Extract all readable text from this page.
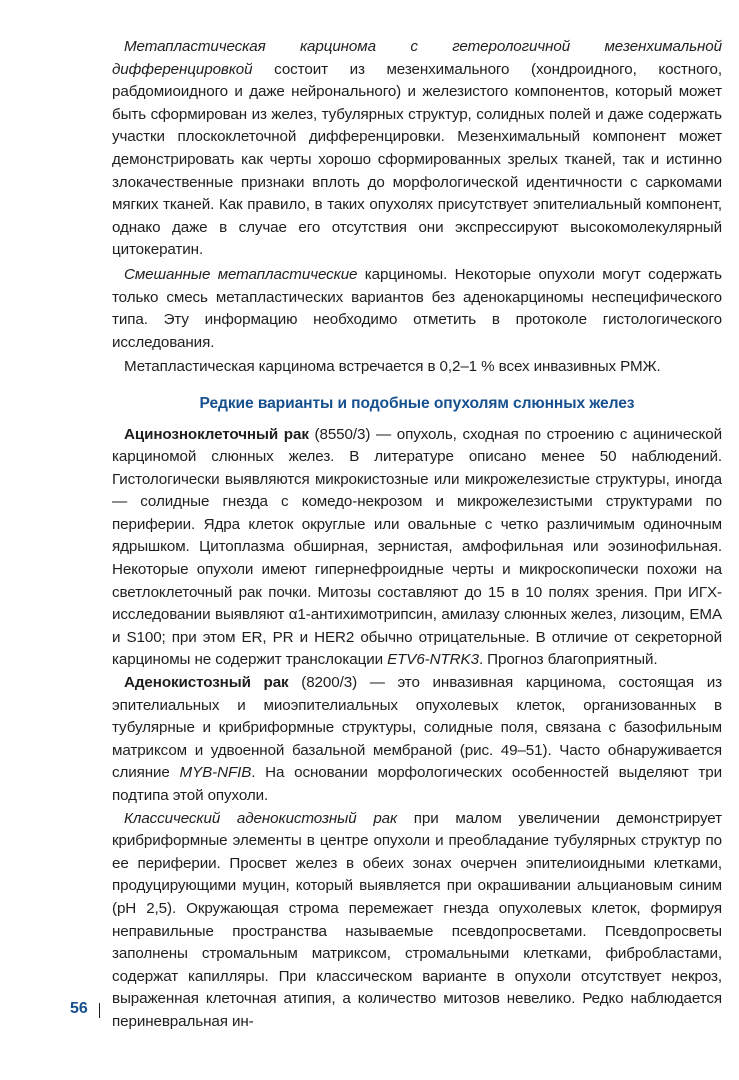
Метапластическая карцинома с гетерологичной мезенхимальной дифференцировкой состоит из мезенхимального (хондроидного, костного, рабдомиоидного и даже нейронального) и железистого компонентов, который может быть сформирован из желез, тубулярных структур, солидных полей и даже содержать участки плоскоклеточной дифференцировки. Мезенхимальный компонент может демонстрировать как черты хорошо сформированных зрелых тканей, так и истинно злокачественные признаки вплоть до морфологической идентичности с саркомами мягких тканей. Как правило, в таких опухолях присутствует эпителиальный компонент, однако даже в случае его отсутствия они экспрессируют высокомолекулярный цитокератин.

Смешанные метапластические карциномы. Некоторые опухоли могут содержать только смесь метапластических вариантов без аденокарциномы неспецифического типа. Эту информацию необходимо отметить в протоколе гистологического исследования.

Метапластическая карцинома встречается в 0,2–1 % всех инвазивных РМЖ.

Редкие варианты и подобные опухолям слюнных желез

Ацинозноклеточный рак (8550/3) — опухоль, сходная по строению с ацинической карциномой слюнных желез. В литературе описано менее 50 наблюдений. Гистологически выявляются микрокистозные или микрожелезистые структуры, иногда — солидные гнезда с комедо-некрозом и микрожелезистыми структурами по периферии. Ядра клеток округлые или овальные с четко различимым одиночным ядрышком. Цитоплазма обширная, зернистая, амфофильная или эозинофильная. Некоторые опухоли имеют гипернефроидные черты и микроскопически похожи на светлоклеточный рак почки. Митозы составляют до 15 в 10 полях зрения. При ИГХ-исследовании выявляют α1-антихимотрипсин, амилазу слюнных желез, лизоцим, ЕМА и S100; при этом ER, PR и HER2 обычно отрицательные. В отличие от секреторной карциномы не содержит транслокации ETV6-NTRK3. Прогноз благоприятный.

Аденокистозный рак (8200/3) — это инвазивная карцинома, состоящая из эпителиальных и миоэпителиальных опухолевых клеток, организованных в тубулярные и крибриформные структуры, солидные поля, связана с базофильным матриксом и удвоенной базальной мембраной (рис. 49–51). Часто обнаруживается слияние MYB-NFIB. На основании морфологических особенностей выделяют три подтипа этой опухоли.

Классический аденокистозный рак при малом увеличении демонстрирует крибриформные элементы в центре опухоли и преобладание тубулярных структур по ее периферии. Просвет желез в обеих зонах очерчен эпителиоидными клетками, продуцирующими муцин, который выявляется при окрашивании альциановым синим (pH 2,5). Окружающая строма перемежает гнезда опухолевых клеток, формируя неправильные пространства называемые псевдопросветами. Псевдопросветы заполнены стромальным матриксом, стромальными клетками, фибробластами, содержат капилляры. При классическом варианте в опухоли отсутствует некроз, выраженная клеточная атипия, а количество митозов невелико. Редко наблюдается периневральная ин-

56
